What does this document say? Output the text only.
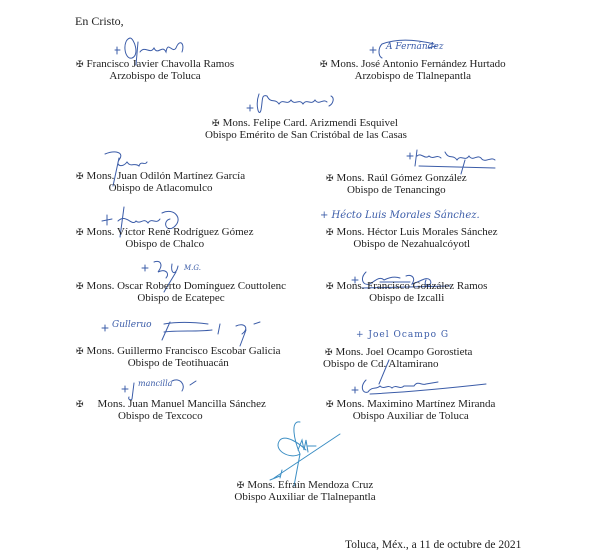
En Cristo,
✠ Francisco Javier Chavolla Ramos
Arzobispo de Toluca
A Fernández
✠ Mons. José Antonio Fernández Hurtado
Arzobispo de Tlalnepantla
✠ Mons. Felipe Card. Arizmendi Esquivel
Obispo Emérito de San Cristóbal de las Casas
✠ Mons. Juan Odilón Martínez García
Obispo de Atlacomulco
✠ Mons. Raúl Gómez González
Obispo de Tenancingo
✠ Mons. Víctor René Rodríguez Gómez
Obispo de Chalco
+ Hécto Luis Morales Sánchez.
✠ Mons. Héctor Luis Morales Sánchez
Obispo de Nezahualcóyotl
M.G.
✠ Mons. Oscar Roberto Domínguez Couttolenc
Obispo de Ecatepec
✠ Mons. Francisco González Ramos
Obispo de Izcalli
Gulleruo
✠ Mons. Guillermo Francisco Escobar Galicia
Obispo de Teotihuacán
+ Joel Ocampo G
✠ Mons. Joel Ocampo Gorostieta
Obispo de Cd. Altamirano
mancilla
✠ Mons. Juan Manuel Mancilla Sánchez
Obispo de Texcoco
✠ Mons. Maximino Martínez Miranda
Obispo Auxiliar de Toluca
✠ Mons. Efraín Mendoza Cruz
Obispo Auxiliar de Tlalnepantla
Toluca, Méx., a 11 de octubre de 2021
